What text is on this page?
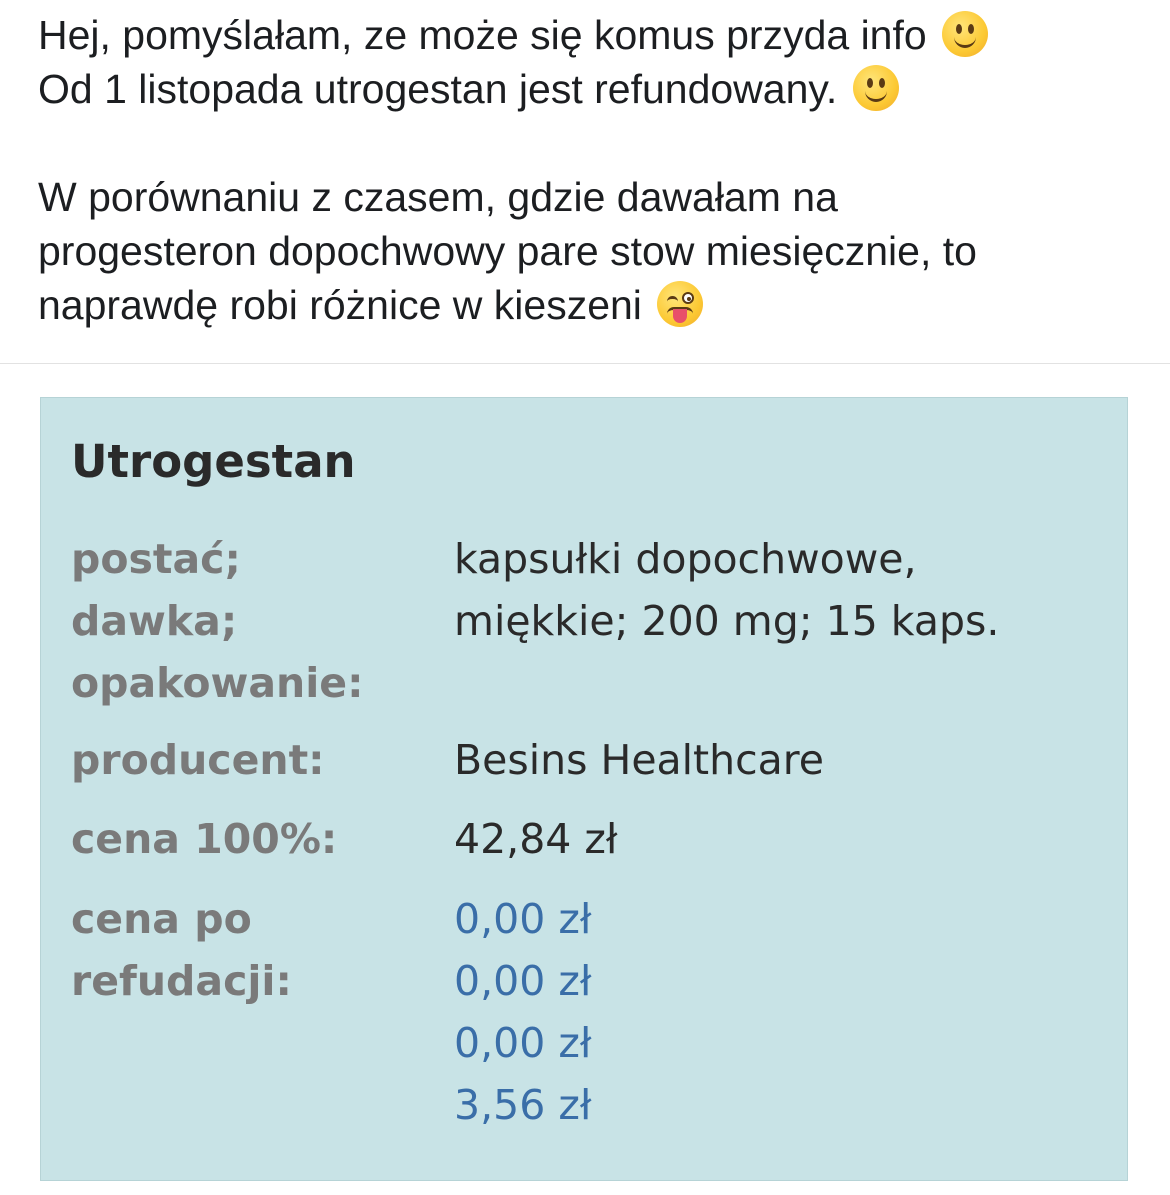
Hej, pomyślałam, ze może się komus przyda info

Od 1 listopada utrogestan jest refundowany.

W porównaniu z czasem, gdzie dawałam na

progesteron dopochwowy pare stow miesięcznie, to

naprawdę robi różnice w kieszeni

Utrogestan
postać;
dawka;
opakowanie:
kapsułki dopochwowe,
miękkie; 200 mg; 15 kaps.
producent:	Besins Healthcare
cena 100%:	42,84 zł
cena po
refudacji:
0,00 zł
0,00 zł
0,00 zł
3,56 zł
